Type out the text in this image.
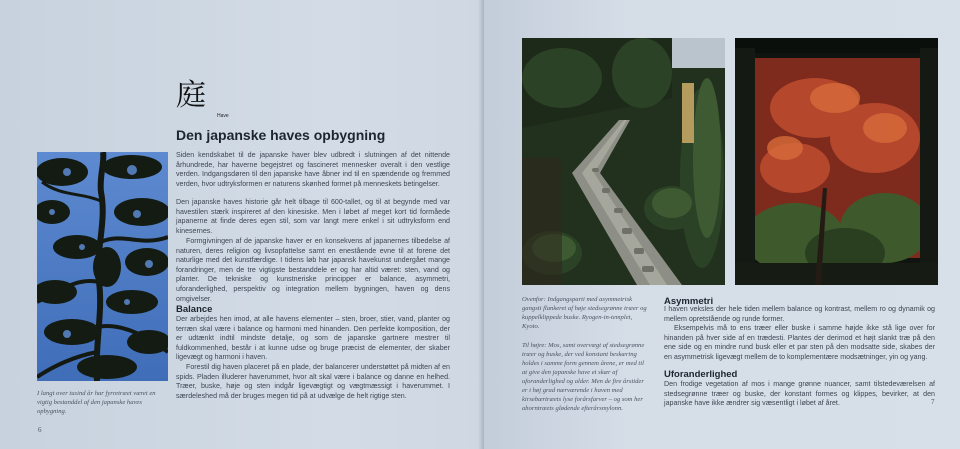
I langt over tusind år har fyrretræet været en vigtig bestanddel af den japanske haves opbygning.

6
庭
Have
Den japanske haves opbygning

Siden kendskabet til de japanske haver blev udbredt i slutningen af det nittende århundrede, har haverne begejstret og fascineret mennesker overalt i den vestlige verden. Indgangsdøren til den japanske have åbner ind til en spændende og fremmed verden, hvor udtryksformen er naturens skønhed formet på menneskets betingelser.

Den japanske haves historie går helt tilbage til 600-tallet, og til at begynde med var havestilen stærk inspireret af den kinesiske. Men i løbet af meget kort tid formåede japanerne at finde deres egen stil, som var langt mere enkel i sit udtryksform end kinesernes.

Formgivningen af de japanske haver er en konsekvens af japanernes tilbedelse af naturen, deres religion og livsopfattelse samt en enestående evne til at forene det naturlige med det kunstfærdige. I tidens løb har japansk havekunst undergået mange forandringer, men de tre vigtigste bestanddele er og har altid været: sten, vand og planter. De tekniske og kunstneriske principper er balance, asymmetri, uforanderlighed, perspektiv og integration mellem bygningen, haven og dens omgivelser.

Balance

Der arbejdes hen imod, at alle havens elementer – sten, broer, stier, vand, planter og terræn skal være i balance og harmoni med hinanden. Den perfekte komposition, der er udtænkt indtil mindste detalje, og som de japanske gartnere mestrer til fuldkommenhed, består i at kunne udse og bruge præcist de elementer, der skaber ligevægt og harmoni i haven.

Forestil dig haven placeret på en plade, der balancerer understøttet på midten af en spids. Pladen illuderer haverummet, hvor alt skal være i balance og danne en helhed. Træer, buske, høje og sten indgår ligevægtigt og vægtmæssigt i haverummet. I særdeleshed må der bruges megen tid på at udvælge de helt rigtige sten.

Ovenfor: Indgangsparti med asymmetrisk gangsti flankeret af høje stedsegrønne træer og kuppelklippede buske. Ryogen-in-templet, Kyoto.

Til højre: Mos, samt overvægt af stedsegrønne træer og buske, der ved konstant beskæring holdes i samme form gennem årene, er med til at give den japanske have et skær af uforanderlighed og alder. Men de fire årstider er i høj grad nærværende i haven med kirsebærtræets lyse forårsfarver – og som her ahorntræets glødende efterårsmylonn.

Asymmetri

I haven veksles der hele tiden mellem balance og kontrast, mellem ro og dynamik og mellem opretstående og runde former.

Eksempelvis må to ens træer eller buske i samme højde ikke stå lige over for hinanden på hver side af en trædesti. Plantes der derimod et højt slankt træ på den ene side og en mindre rund busk eller et par sten på den modsatte side, skabes der en asymmetrisk ligevægt mellem de to komplementære modsætninger, yin og yang.

Uforanderlighed

Den frodige vegetation af mos i mange grønne nuancer, samt tilstedeværelsen af stedsegrønne træer og buske, der konstant formes og klippes, bevirker, at den japanske have ikke ændrer sig væsentligt i løbet af året.	7
